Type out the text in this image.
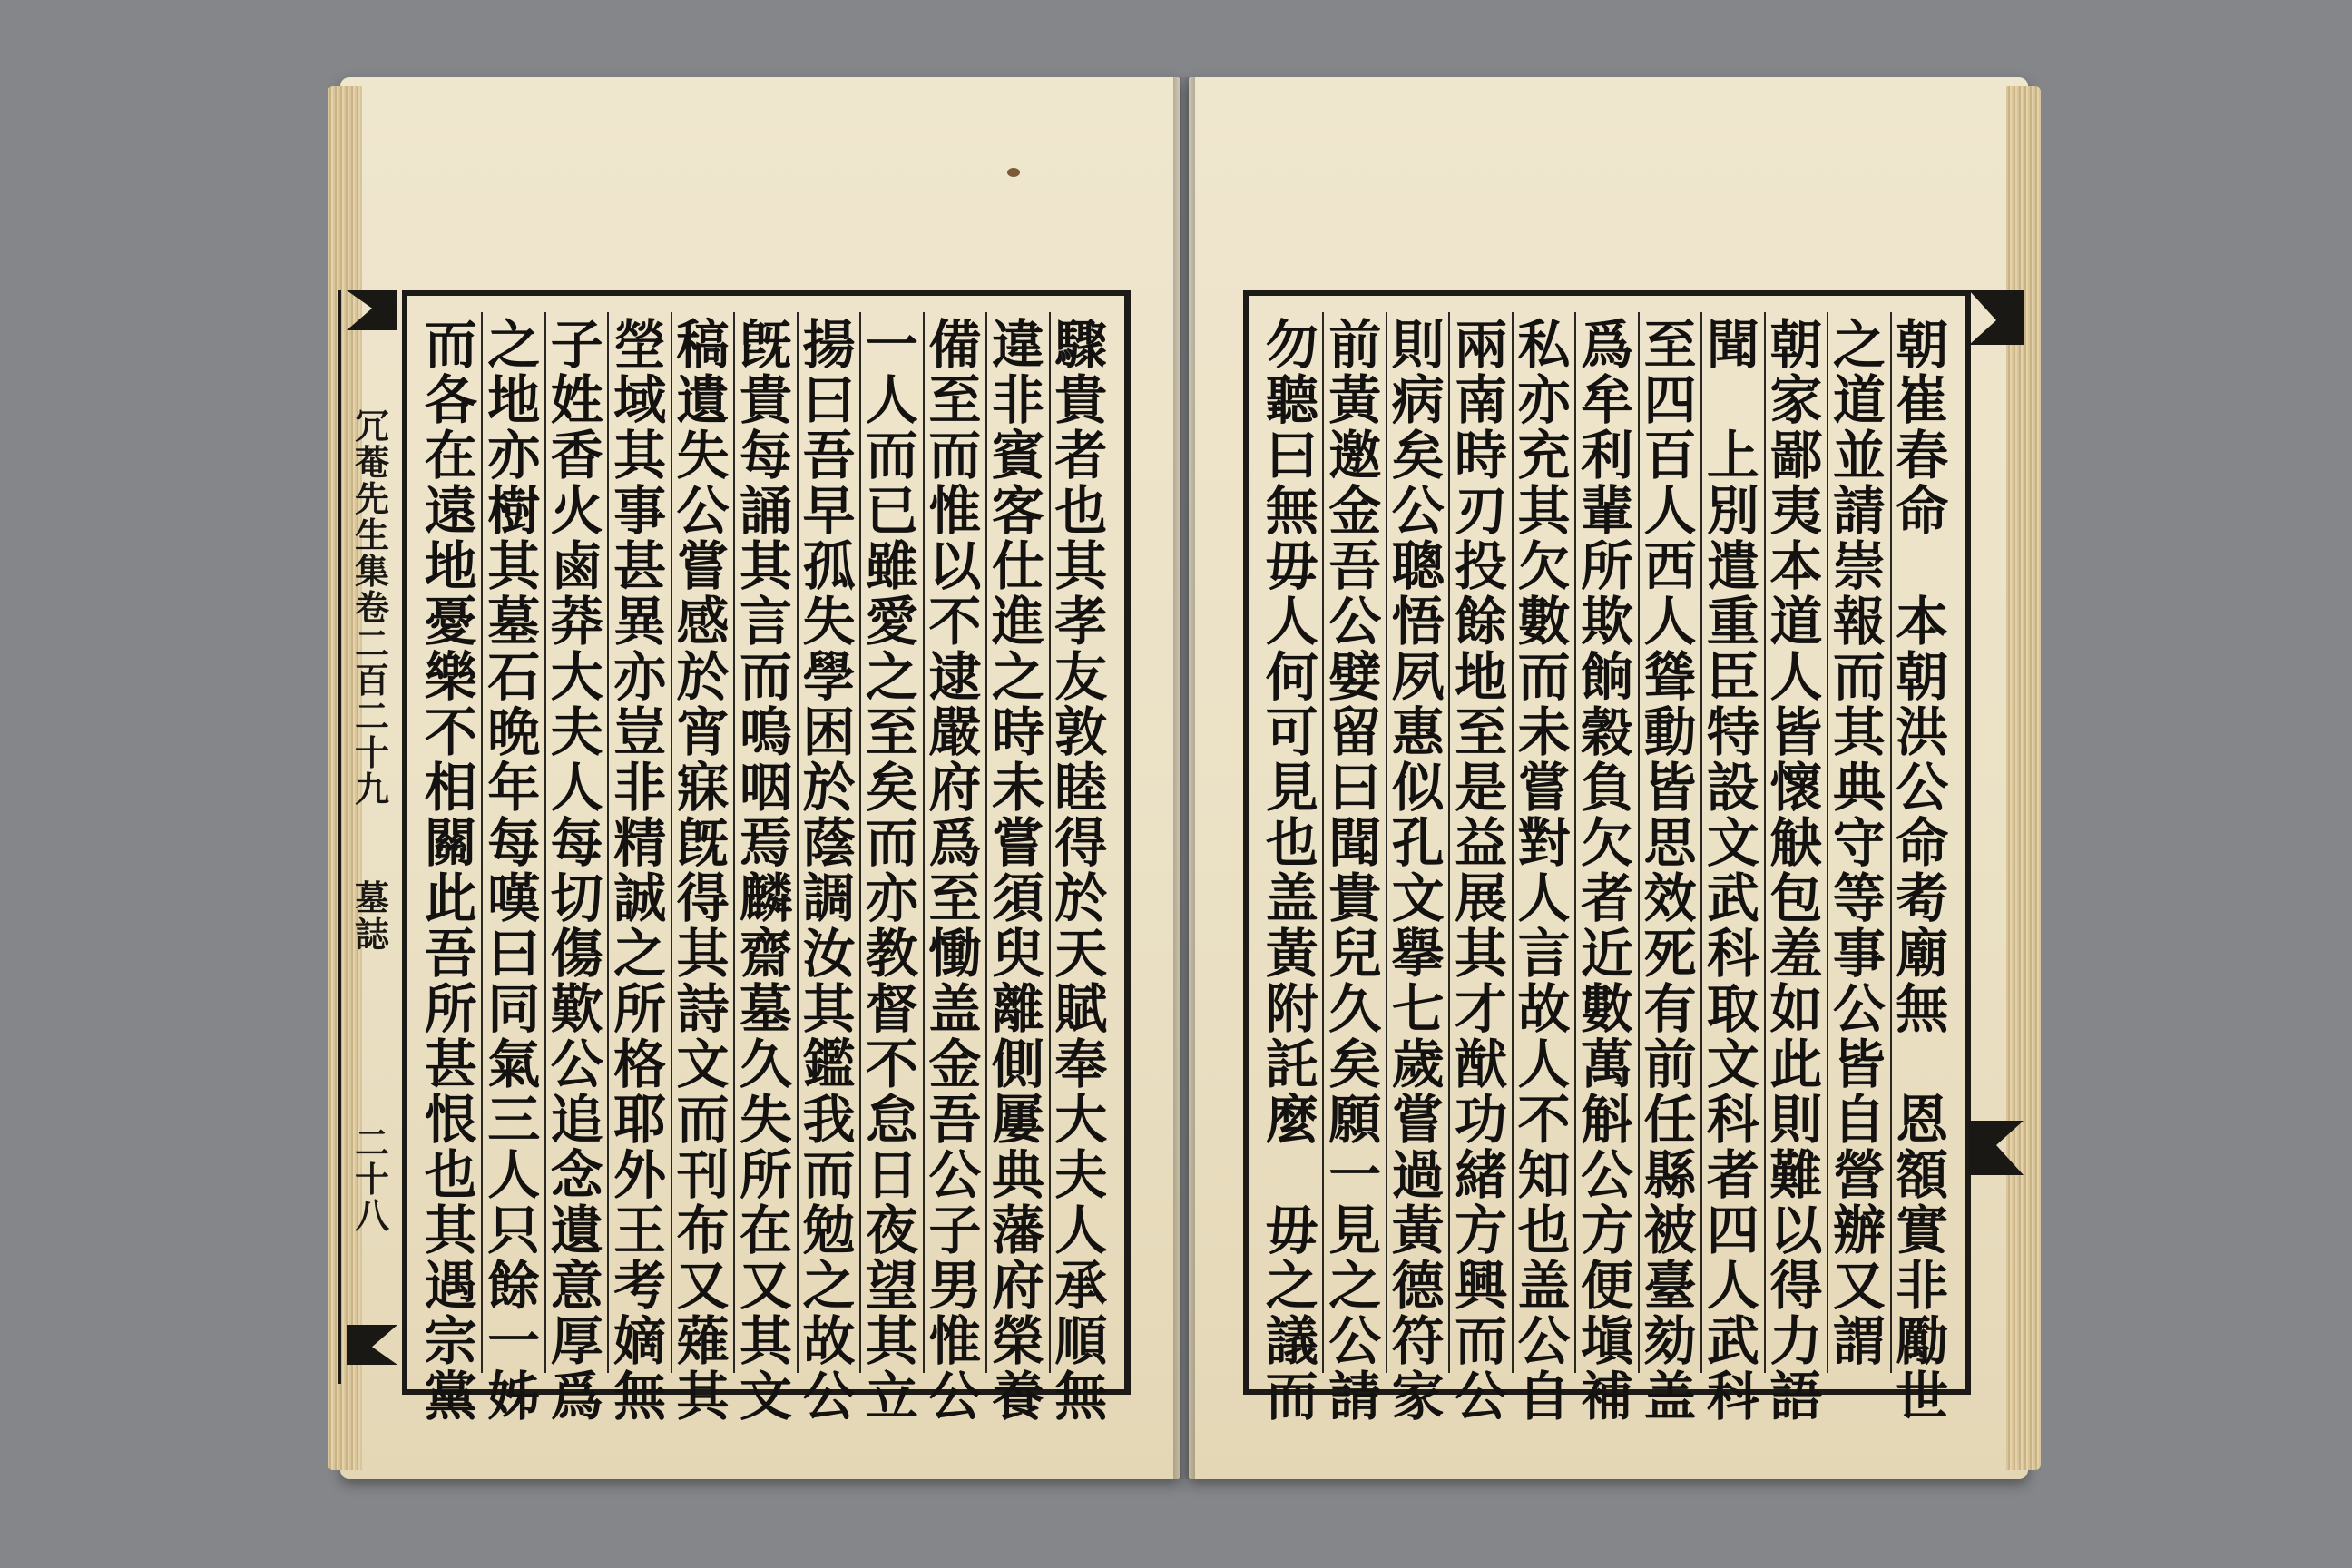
冗
菴
先
生
集
卷
二
百
二
十
九
墓
誌
二
十
八
驟
貴
者
也
其
孝
友
敦
睦
得
於
天
賦
奉
大
夫
人
承
順
無
違
非
賓
客
仕
進
之
時
未
嘗
須
臾
離
側
屢
典
藩
府
榮
養
備
至
而
惟
以
不
逮
嚴
府
爲
至
慟
盖
金
吾
公
子
男
惟
公
一
人
而
已
雖
愛
之
至
矣
而
亦
教
督
不
怠
日
夜
望
其
立
揚
曰
吾
早
孤
失
學
困
於
蔭
調
汝
其
鑑
我
而
勉
之
故
公
旣
貴
每
誦
其
言
而
嗚
咽
焉
麟
齋
墓
久
失
所
在
又
其
文
稿
遺
失
公
嘗
感
於
宵
寐
旣
得
其
詩
文
而
刊
布
又
薙
其
塋
域
其
事
甚
異
亦
豈
非
精
誠
之
所
格
耶
外
王
考
嫡
無
子
姓
香
火
鹵
莽
大
夫
人
每
切
傷
歎
公
追
念
遺
意
厚
爲
之
地
亦
樹
其
墓
石
晩
年
每
嘆
曰
同
氣
三
人
只
餘
一
姊
而
各
在
遠
地
憂
樂
不
相
關
此
吾
所
甚
恨
也
其
遇
宗
黨
朝
崔
春
命

本
朝
洪
公
命
耇
廟
無

恩
額
實
非
勵
世
之
道
並
請
崇
報
而
其
典
守
等
事
公
皆
自
營
辦
又
謂
朝
家
鄙
夷
本
道
人
皆
懷
觖
包
羞
如
此
則
難
以
得
力
語
聞

上
別
遣
重
臣
特
設
文
武
科
取
文
科
者
四
人
武
科
至
四
百
人
西
人
聳
動
皆
思
效
死
有
前
任
縣
被
臺
劾
盖
爲
牟
利
輩
所
欺
餉
穀
負
欠
者
近
數
萬
斛
公
方
便
塡
補
私
亦
充
其
欠
數
而
未
嘗
對
人
言
故
人
不
知
也
盖
公
自
兩
南
時
刃
投
餘
地
至
是
益
展
其
才
猷
功
緒
方
興
而
公
則
病
矣
公
聰
悟
夙
惠
似
孔
文
擧
七
歲
嘗
過
黃
德
符
家
前
黃
邀
金
吾
公
嬖
留
曰
聞
貴
兒
久
矣
願
一
見
之
公
請
勿
聽
曰
無
毋
人
何
可
見
也
盖
黃
附
託
麼

毋
之
議
而
